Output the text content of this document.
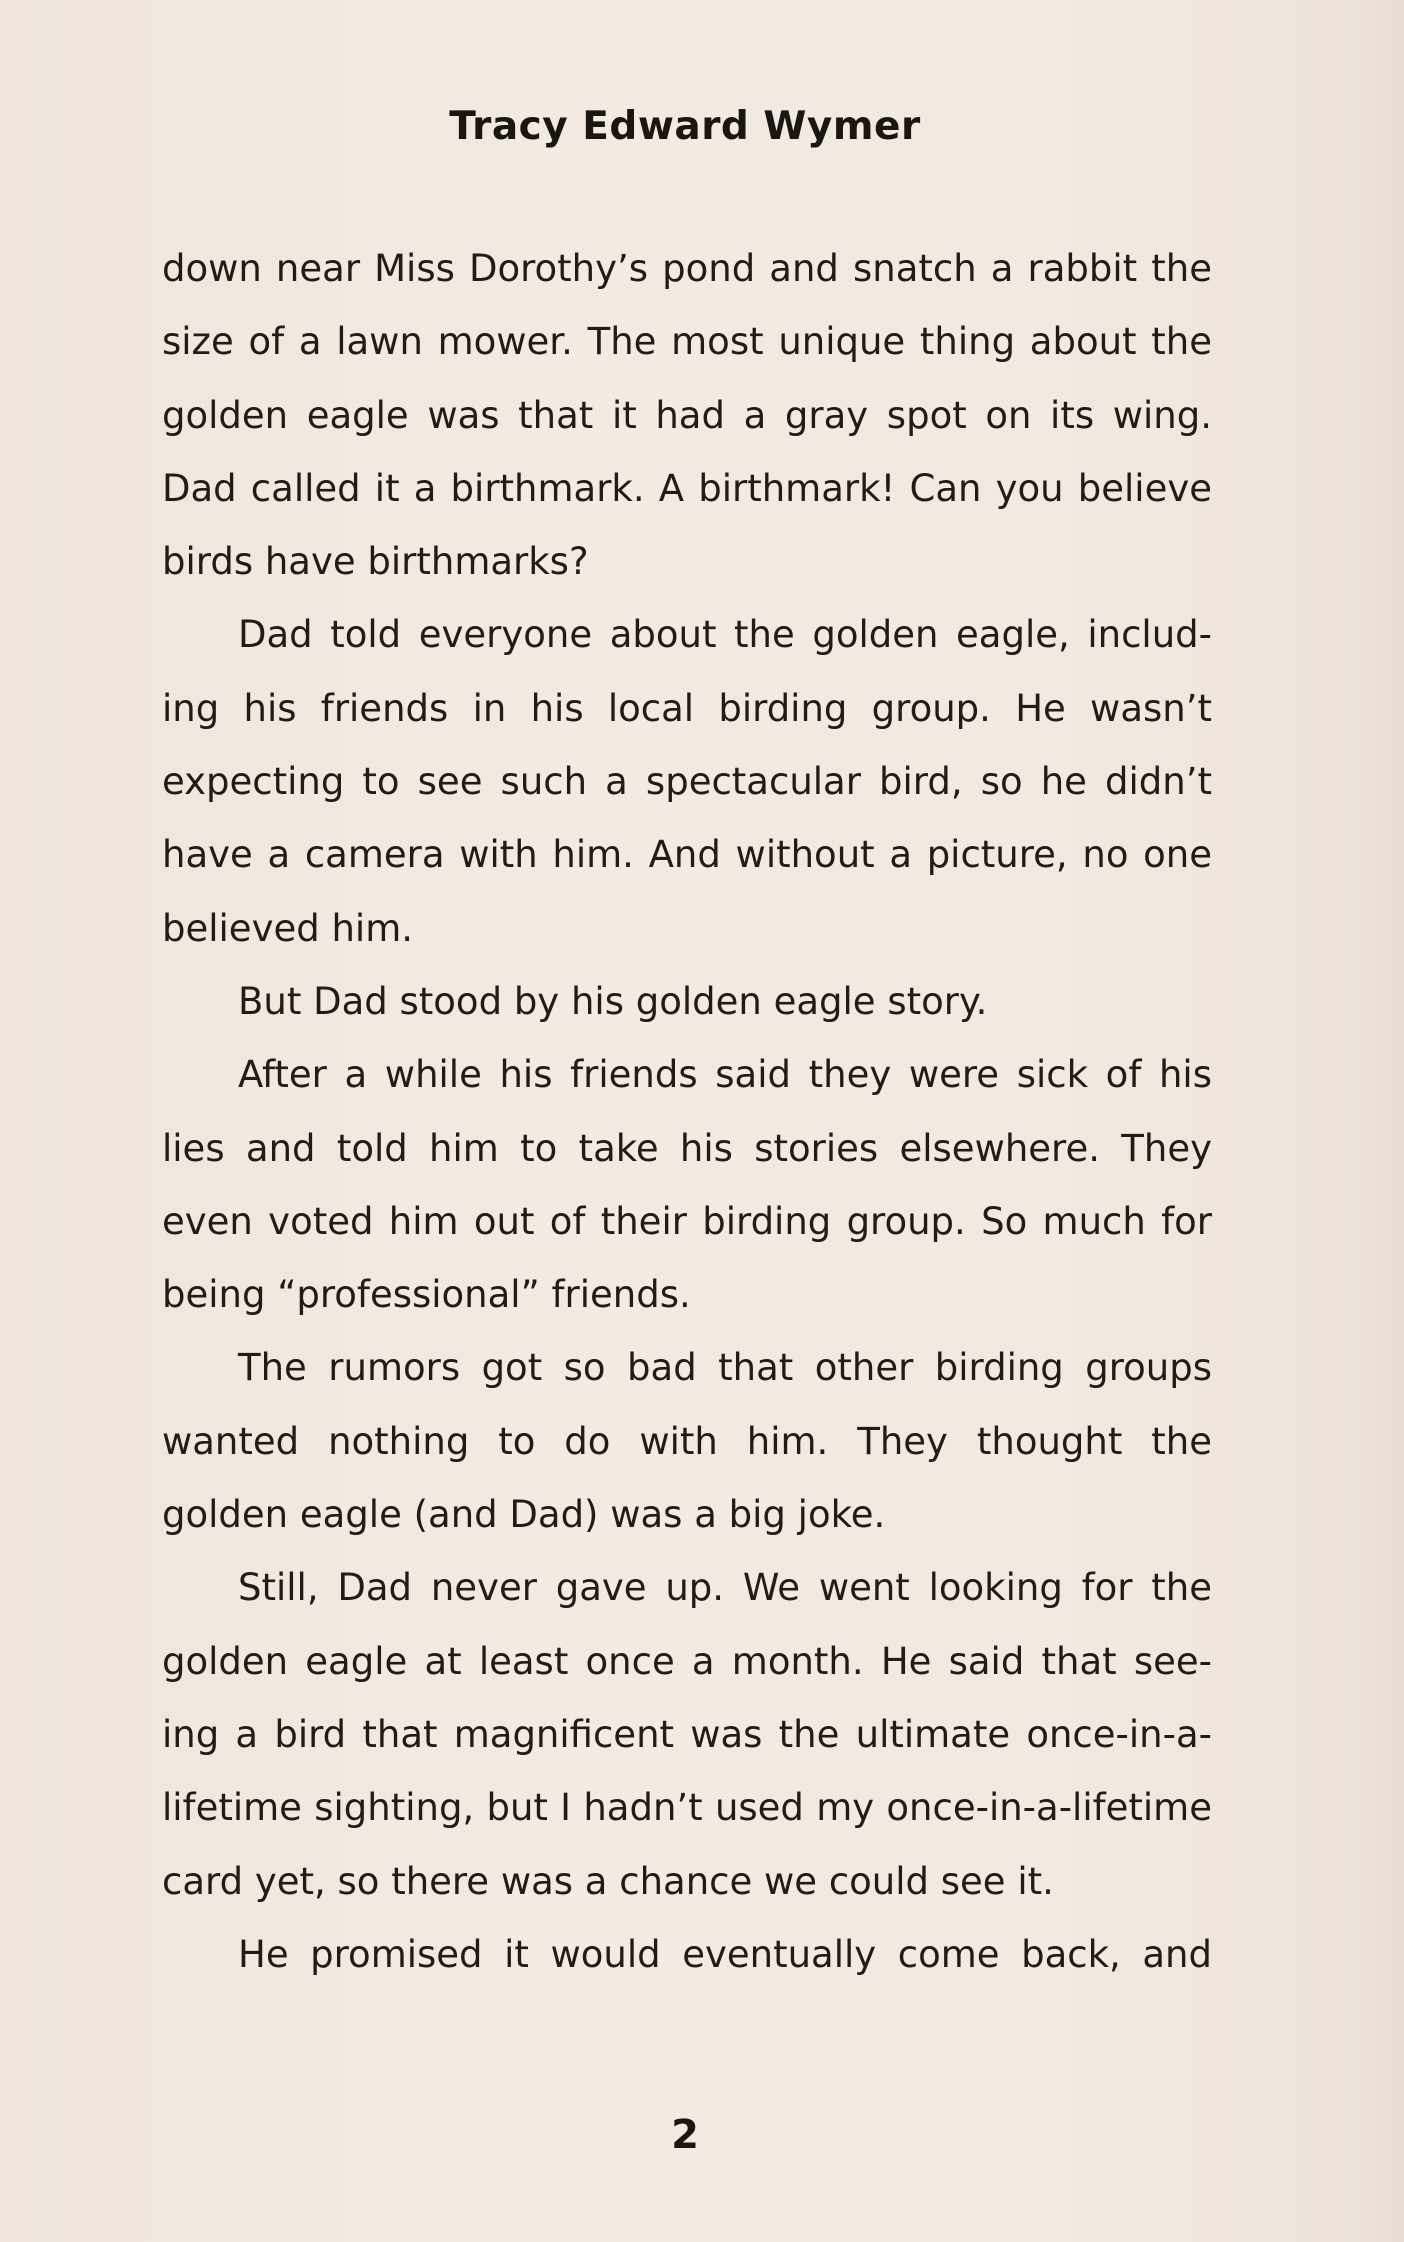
Tracy Edward Wymer

down near Miss Dorothy’s pond and snatch a rabbit the size of a lawn mower. The most unique thing about the golden eagle was that it had a gray spot on its wing. Dad called it a birthmark. A birthmark! Can you believe birds have birthmarks?

Dad told everyone about the golden eagle, includ-ing his friends in his local birding group. He wasn’t expecting to see such a spectacular bird, so he didn’t have a camera with him. And without a picture, no one believed him.

But Dad stood by his golden eagle story.

After a while his friends said they were sick of his lies and told him to take his stories elsewhere. They even voted him out of their birding group. So much for being “professional” friends.

The rumors got so bad that other birding groups wanted nothing to do with him. They thought the golden eagle (and Dad) was a big joke.

Still, Dad never gave up. We went looking for the golden eagle at least once a month. He said that see-ing a bird that magnificent was the ultimate once-in-a-lifetime sighting, but I hadn’t used my once-in-a-lifetime card yet, so there was a chance we could see it.

He promised it would eventually come back, and

2
